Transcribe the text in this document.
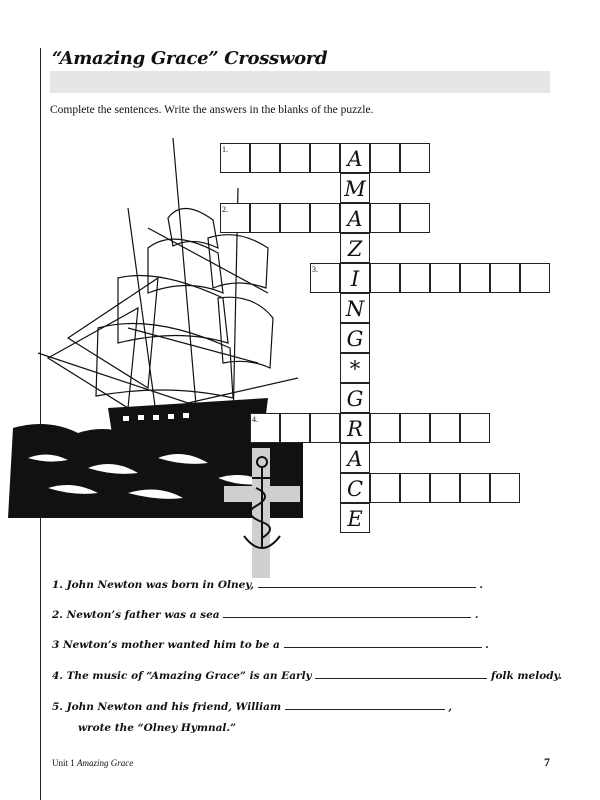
“Amazing Grace” Crossword
Complete the sentences. Write the answers in the blanks of the puzzle.
1.
2.
3.
4.
A
M
A
Z
I
N
G
*
G
R
A
C
E
1. John Newton was born in Olney,	.
2. Newton’s father was a sea	.
3 Newton’s mother wanted him to be a	.
4. The music of “Amazing Grace” is an Early	folk melody.
5. John Newton and his friend, William	,
wrote the “Olney Hymnal.”
Unit 1 Amazing Grace	7
